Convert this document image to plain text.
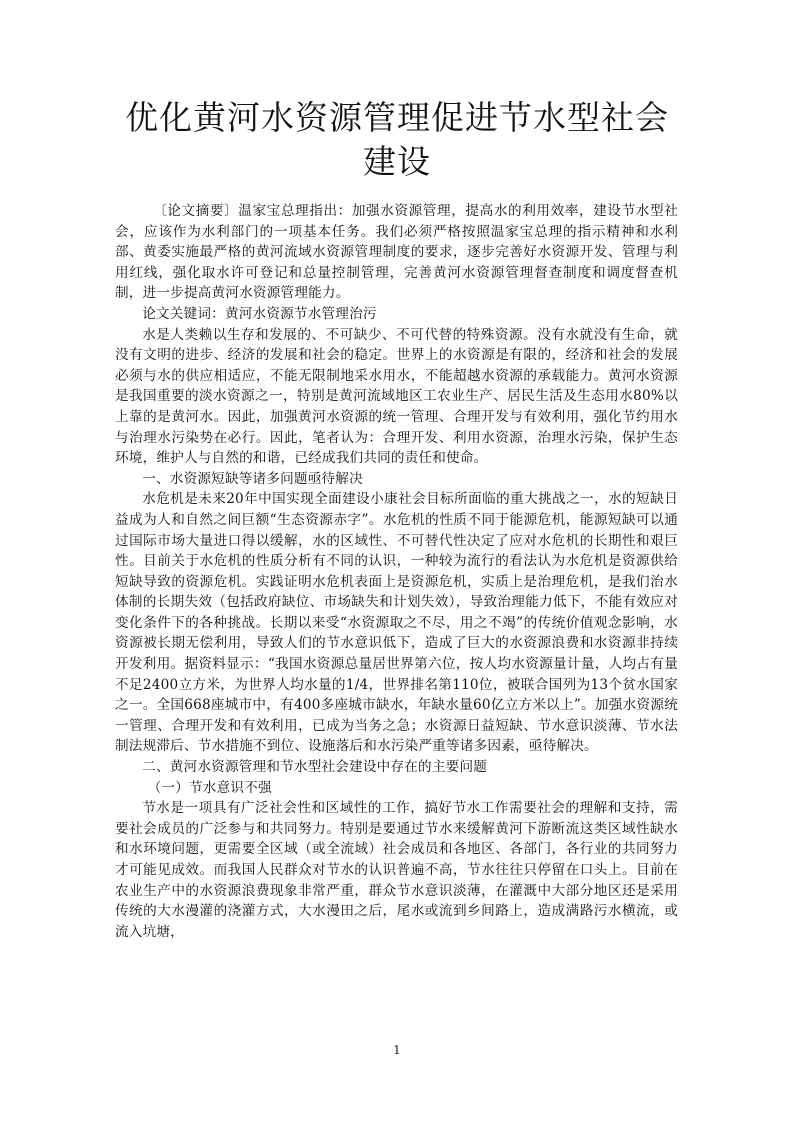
优化黄河水资源管理促进节水型社会建设

〔论文摘要〕温家宝总理指出：加强水资源管理，提高水的利用效率，建设节水型社会，应该作为水利部门的一项基本任务。我们必须严格按照温家宝总理的指示精神和水利部、黄委实施最严格的黄河流域水资源管理制度的要求，逐步完善好水资源开发、管理与利用红线，强化取水许可登记和总量控制管理，完善黄河水资源管理督查制度和调度督查机制，进一步提高黄河水资源管理能力。

论文关键词：黄河水资源节水管理治污

水是人类赖以生存和发展的、不可缺少、不可代替的特殊资源。没有水就没有生命，就没有文明的进步、经济的发展和社会的稳定。世界上的水资源是有限的，经济和社会的发展必须与水的供应相适应，不能无限制地采水用水，不能超越水资源的承载能力。黄河水资源是我国重要的淡水资源之一，特别是黄河流域地区工农业生产、居民生活及生态用水80%以上靠的是黄河水。因此，加强黄河水资源的统一管理、合理开发与有效利用，强化节约用水与治理水污染势在必行。因此，笔者认为：合理开发、利用水资源，治理水污染，保护生态环境，维护人与自然的和谐，已经成我们共同的责任和使命。

一、水资源短缺等诸多问题亟待解决

水危机是未来20年中国实现全面建设小康社会目标所面临的重大挑战之一，水的短缺日益成为人和自然之间巨额“生态资源赤字”。水危机的性质不同于能源危机，能源短缺可以通过国际市场大量进口得以缓解，水的区域性、不可替代性决定了应对水危机的长期性和艰巨性。目前关于水危机的性质分析有不同的认识，一种较为流行的看法认为水危机是资源供给短缺导致的资源危机。实践证明水危机表面上是资源危机，实质上是治理危机，是我们治水体制的长期失效（包括政府缺位、市场缺失和计划失效），导致治理能力低下，不能有效应对变化条件下的各种挑战。长期以来受“水资源取之不尽，用之不竭”的传统价值观念影响，水资源被长期无偿利用，导致人们的节水意识低下，造成了巨大的水资源浪费和水资源非持续开发利用。据资料显示：“我国水资源总量居世界第六位，按人均水资源量计量，人均占有量不足2400立方米，为世界人均水量的1/4，世界排名第110位，被联合国列为13个贫水国家之一。全国668座城市中，有400多座城市缺水，年缺水量60亿立方米以上”。加强水资源统一管理、合理开发和有效利用，已成为当务之急；水资源日益短缺、节水意识淡薄、节水法制法规滞后、节水措施不到位、设施落后和水污染严重等诸多因素，亟待解决。

二、黄河水资源管理和节水型社会建设中存在的主要问题

（一）节水意识不强

节水是一项具有广泛社会性和区域性的工作，搞好节水工作需要社会的理解和支持，需要社会成员的广泛参与和共同努力。特别是要通过节水来缓解黄河下游断流这类区域性缺水和水环境问题，更需要全区域（或全流域）社会成员和各地区、各部门，各行业的共同努力才可能见成效。而我国人民群众对节水的认识普遍不高，节水往往只停留在口头上。目前在农业生产中的水资源浪费现象非常严重，群众节水意识淡薄，在灌溉中大部分地区还是采用传统的大水漫灌的浇灌方式，大水漫田之后，尾水或流到乡间路上，造成满路污水横流，或流入坑塘，

1
